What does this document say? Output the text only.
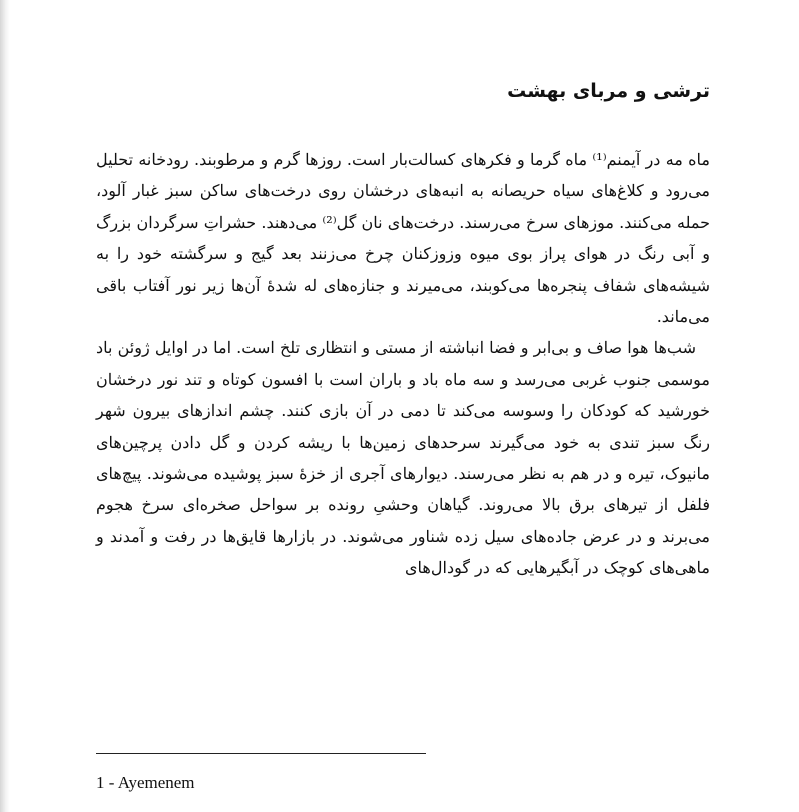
ترشی و مربای بهشت

ماه مه در آیمنم⁽¹⁾ ماه گرما و فکرهای کسالت‌بار است. روزها گرم و مرطوبند. رودخانه تحلیل می‌رود و کلاغ‌های سیاه حریصانه به انبه‌های درخشان روی درخت‌های ساکن سبز غبار آلود، حمله می‌کنند. موزهای سرخ می‌رسند. درخت‌های نان گل⁽²⁾ می‌دهند. حشراتِ سرگردان بزرگ و آبی رنگ در هوای پراز بوی میوه وزوزکنان چرخ می‌زنند بعد گیج و سرگشته خود را به شیشه‌های شفاف پنجره‌ها می‌کوبند، می‌میرند و جنازه‌های له شدهٔ آن‌ها زیر نور آفتاب باقی می‌ماند.

شب‌ها هوا صاف و بی‌ابر و فضا انباشته از مستی و انتظاری تلخ است. اما در اوایل ژوئن باد موسمی جنوب غربی می‌رسد و سه ماه باد و باران است با افسون کوتاه و تند نور درخشان خورشید که کودکان را وسوسه می‌کند تا دمی در آن بازی کنند. چشم اندازهای بیرون شهر رنگ سبز تندی به خود می‌گیرند سرحدهای زمین‌ها با ریشه کردن و گل دادن پرچین‌های مانیوک، تیره و در هم به نظر می‌رسند. دیوارهای آجری از خزهٔ سبز پوشیده می‌شوند. پیچ‌های فلفل از تیرهای برق بالا می‌روند. گیاهان وحشیِ رونده بر سواحل صخره‌ای سرخ هجوم می‌برند و در عرض جاده‌های سیل زده شناور می‌شوند. در بازارها قایق‌ها در رفت و آمدند و ماهی‌های کوچک در آبگیرهایی که در گودال‌های

1 - Ayemenem
